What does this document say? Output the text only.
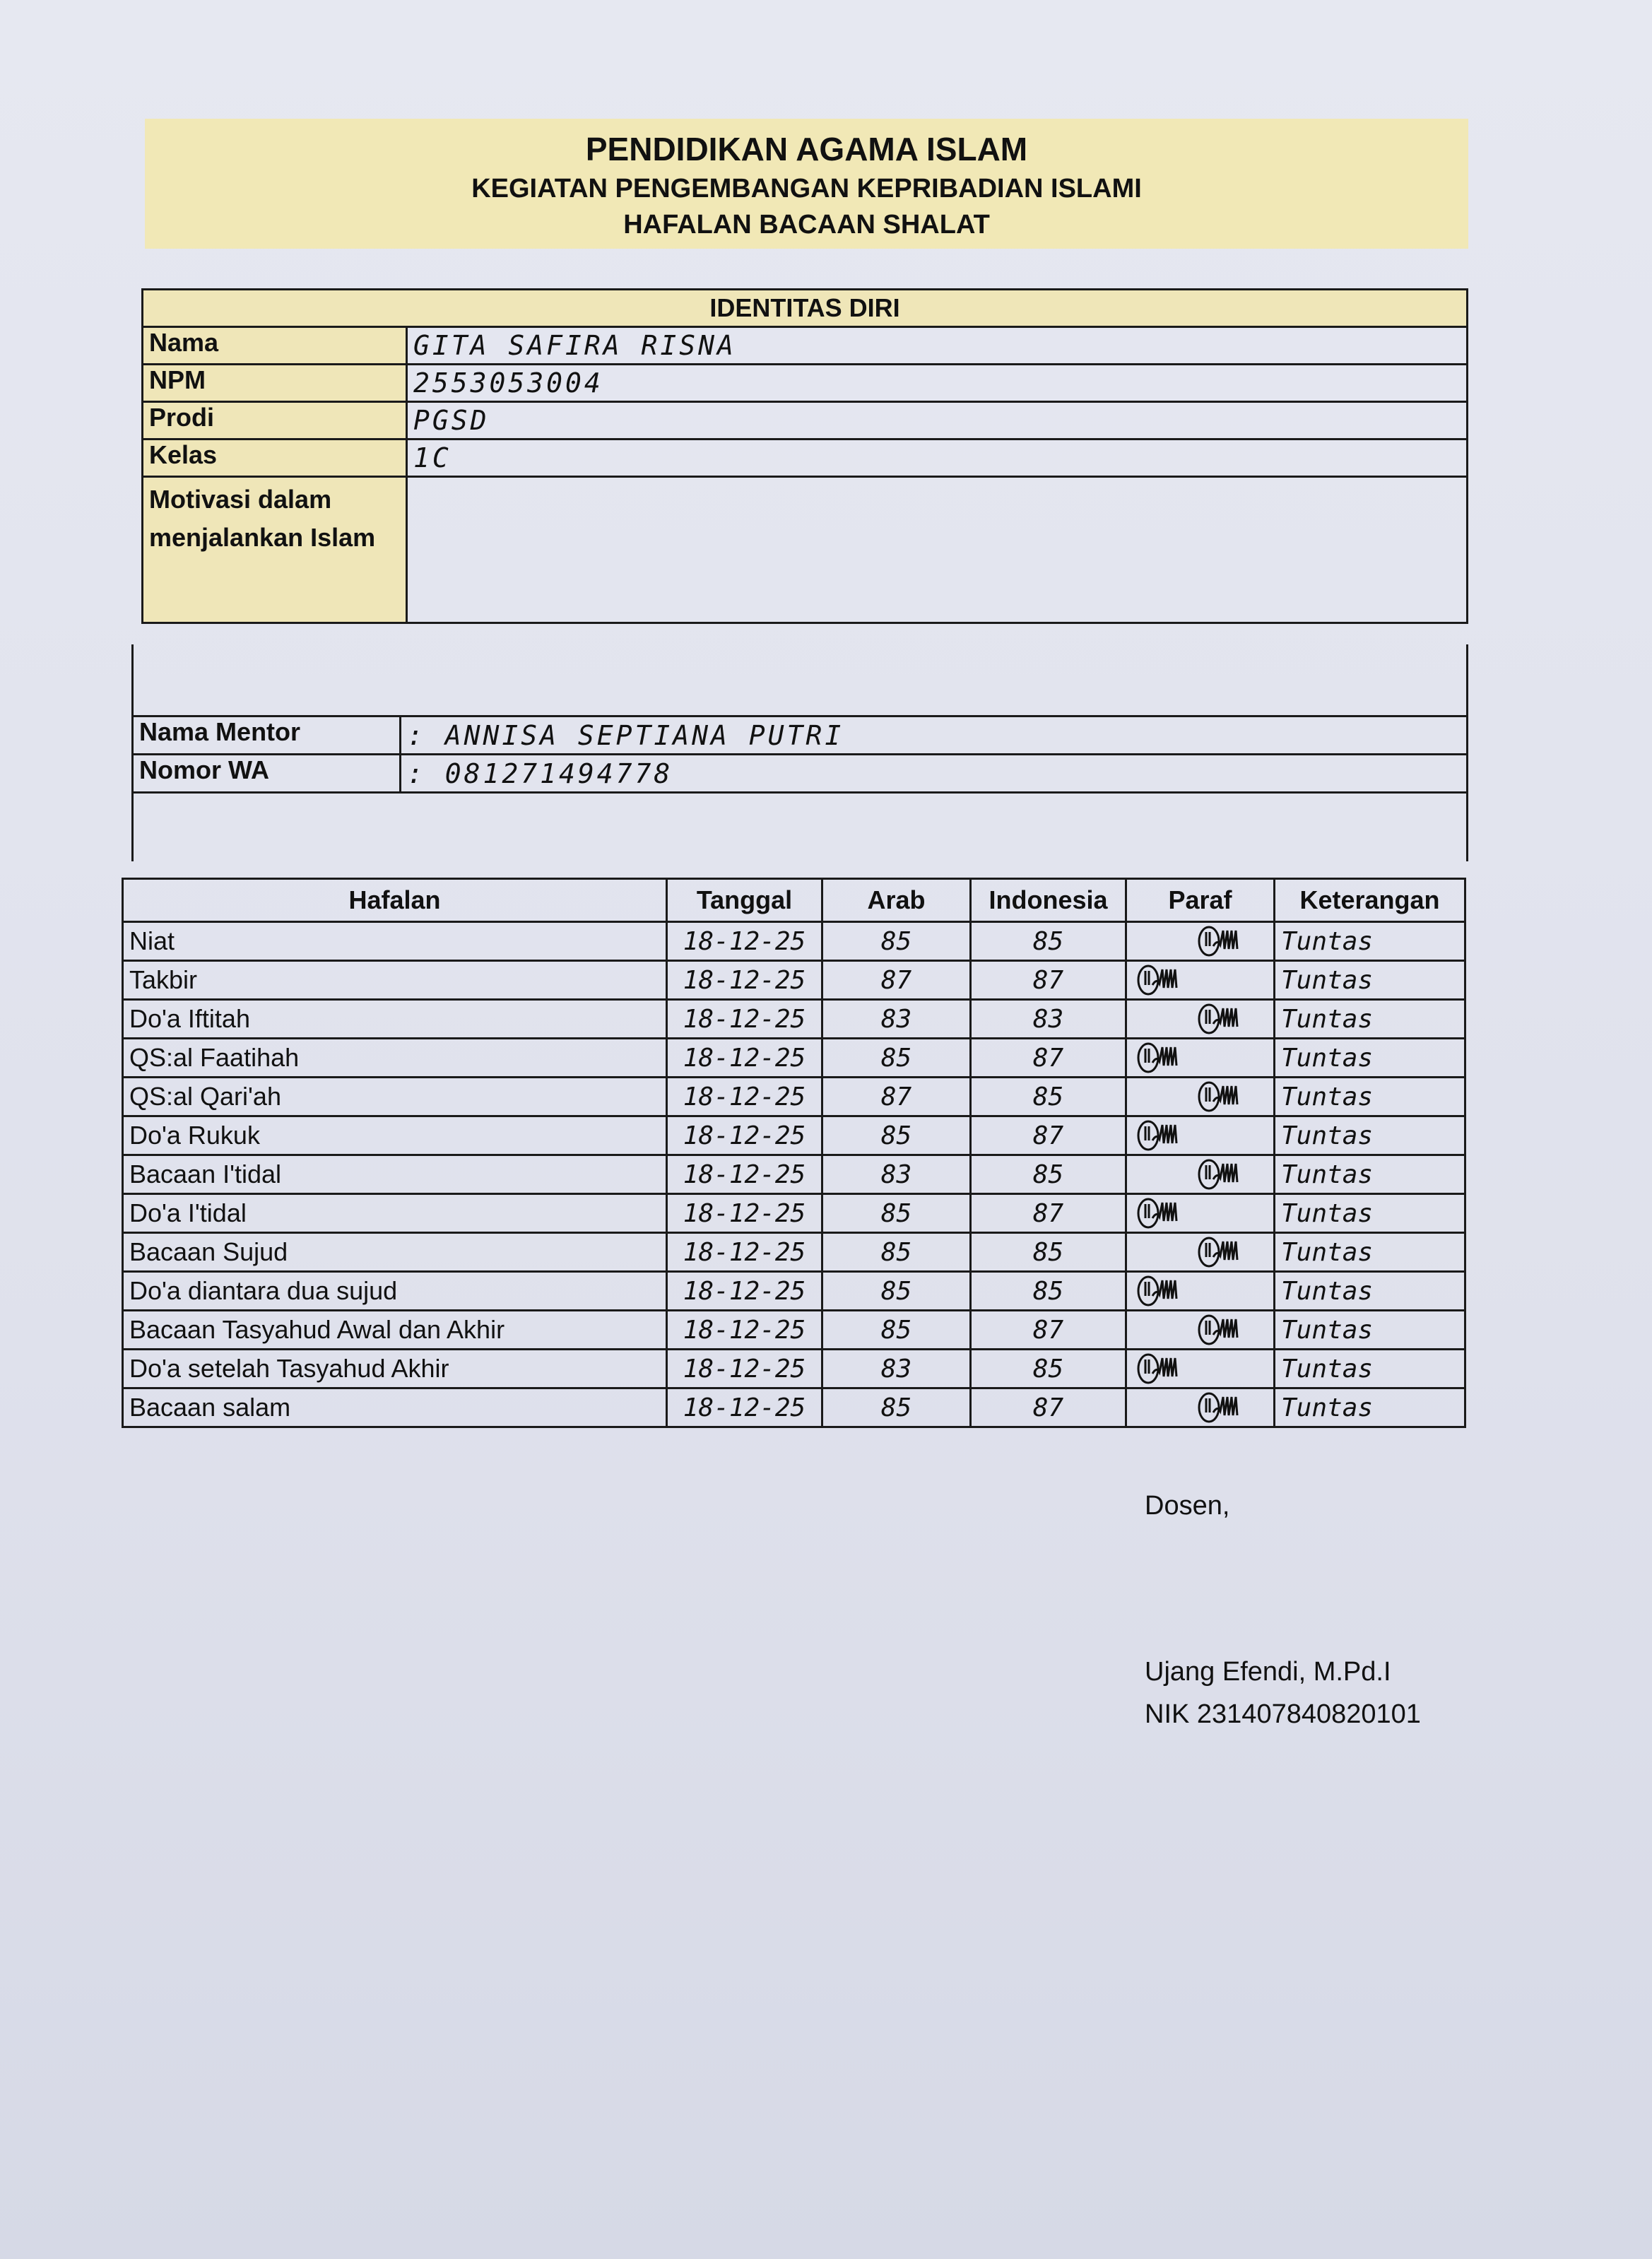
PENDIDIKAN AGAMA ISLAM
KEGIATAN PENGEMBANGAN KEPRIBADIAN ISLAMI
HAFALAN BACAAN SHALAT
IDENTITAS DIRI	
Nama	GITA SAFIRA RISNA
NPM	2553053004
Prodi	PGSD
Kelas	1C
Motivasi dalam menjalankan Islam	

Nama Mentor	: ANNISA SEPTIANA PUTRI
Nomor WA	: 081271494778

Hafalan	Tanggal	Arab	Indonesia	Paraf	Keterangan
Niat	18-12-25	85	85		Tuntas
Takbir	18-12-25	87	87		Tuntas
Do'a Iftitah	18-12-25	83	83		Tuntas
QS:al Faatihah	18-12-25	85	87		Tuntas
QS:al Qari'ah	18-12-25	87	85		Tuntas
Do'a Rukuk	18-12-25	85	87		Tuntas
Bacaan I'tidal	18-12-25	83	85		Tuntas
Do'a I'tidal	18-12-25	85	87		Tuntas
Bacaan Sujud	18-12-25	85	85		Tuntas
Do'a diantara dua sujud	18-12-25	85	85		Tuntas
Bacaan Tasyahud Awal dan Akhir	18-12-25	85	87		Tuntas
Do'a setelah Tasyahud Akhir	18-12-25	83	85		Tuntas
Bacaan salam	18-12-25	85	87		Tuntas
Dosen,
Ujang Efendi, M.Pd.I
NIK 231407840820101
